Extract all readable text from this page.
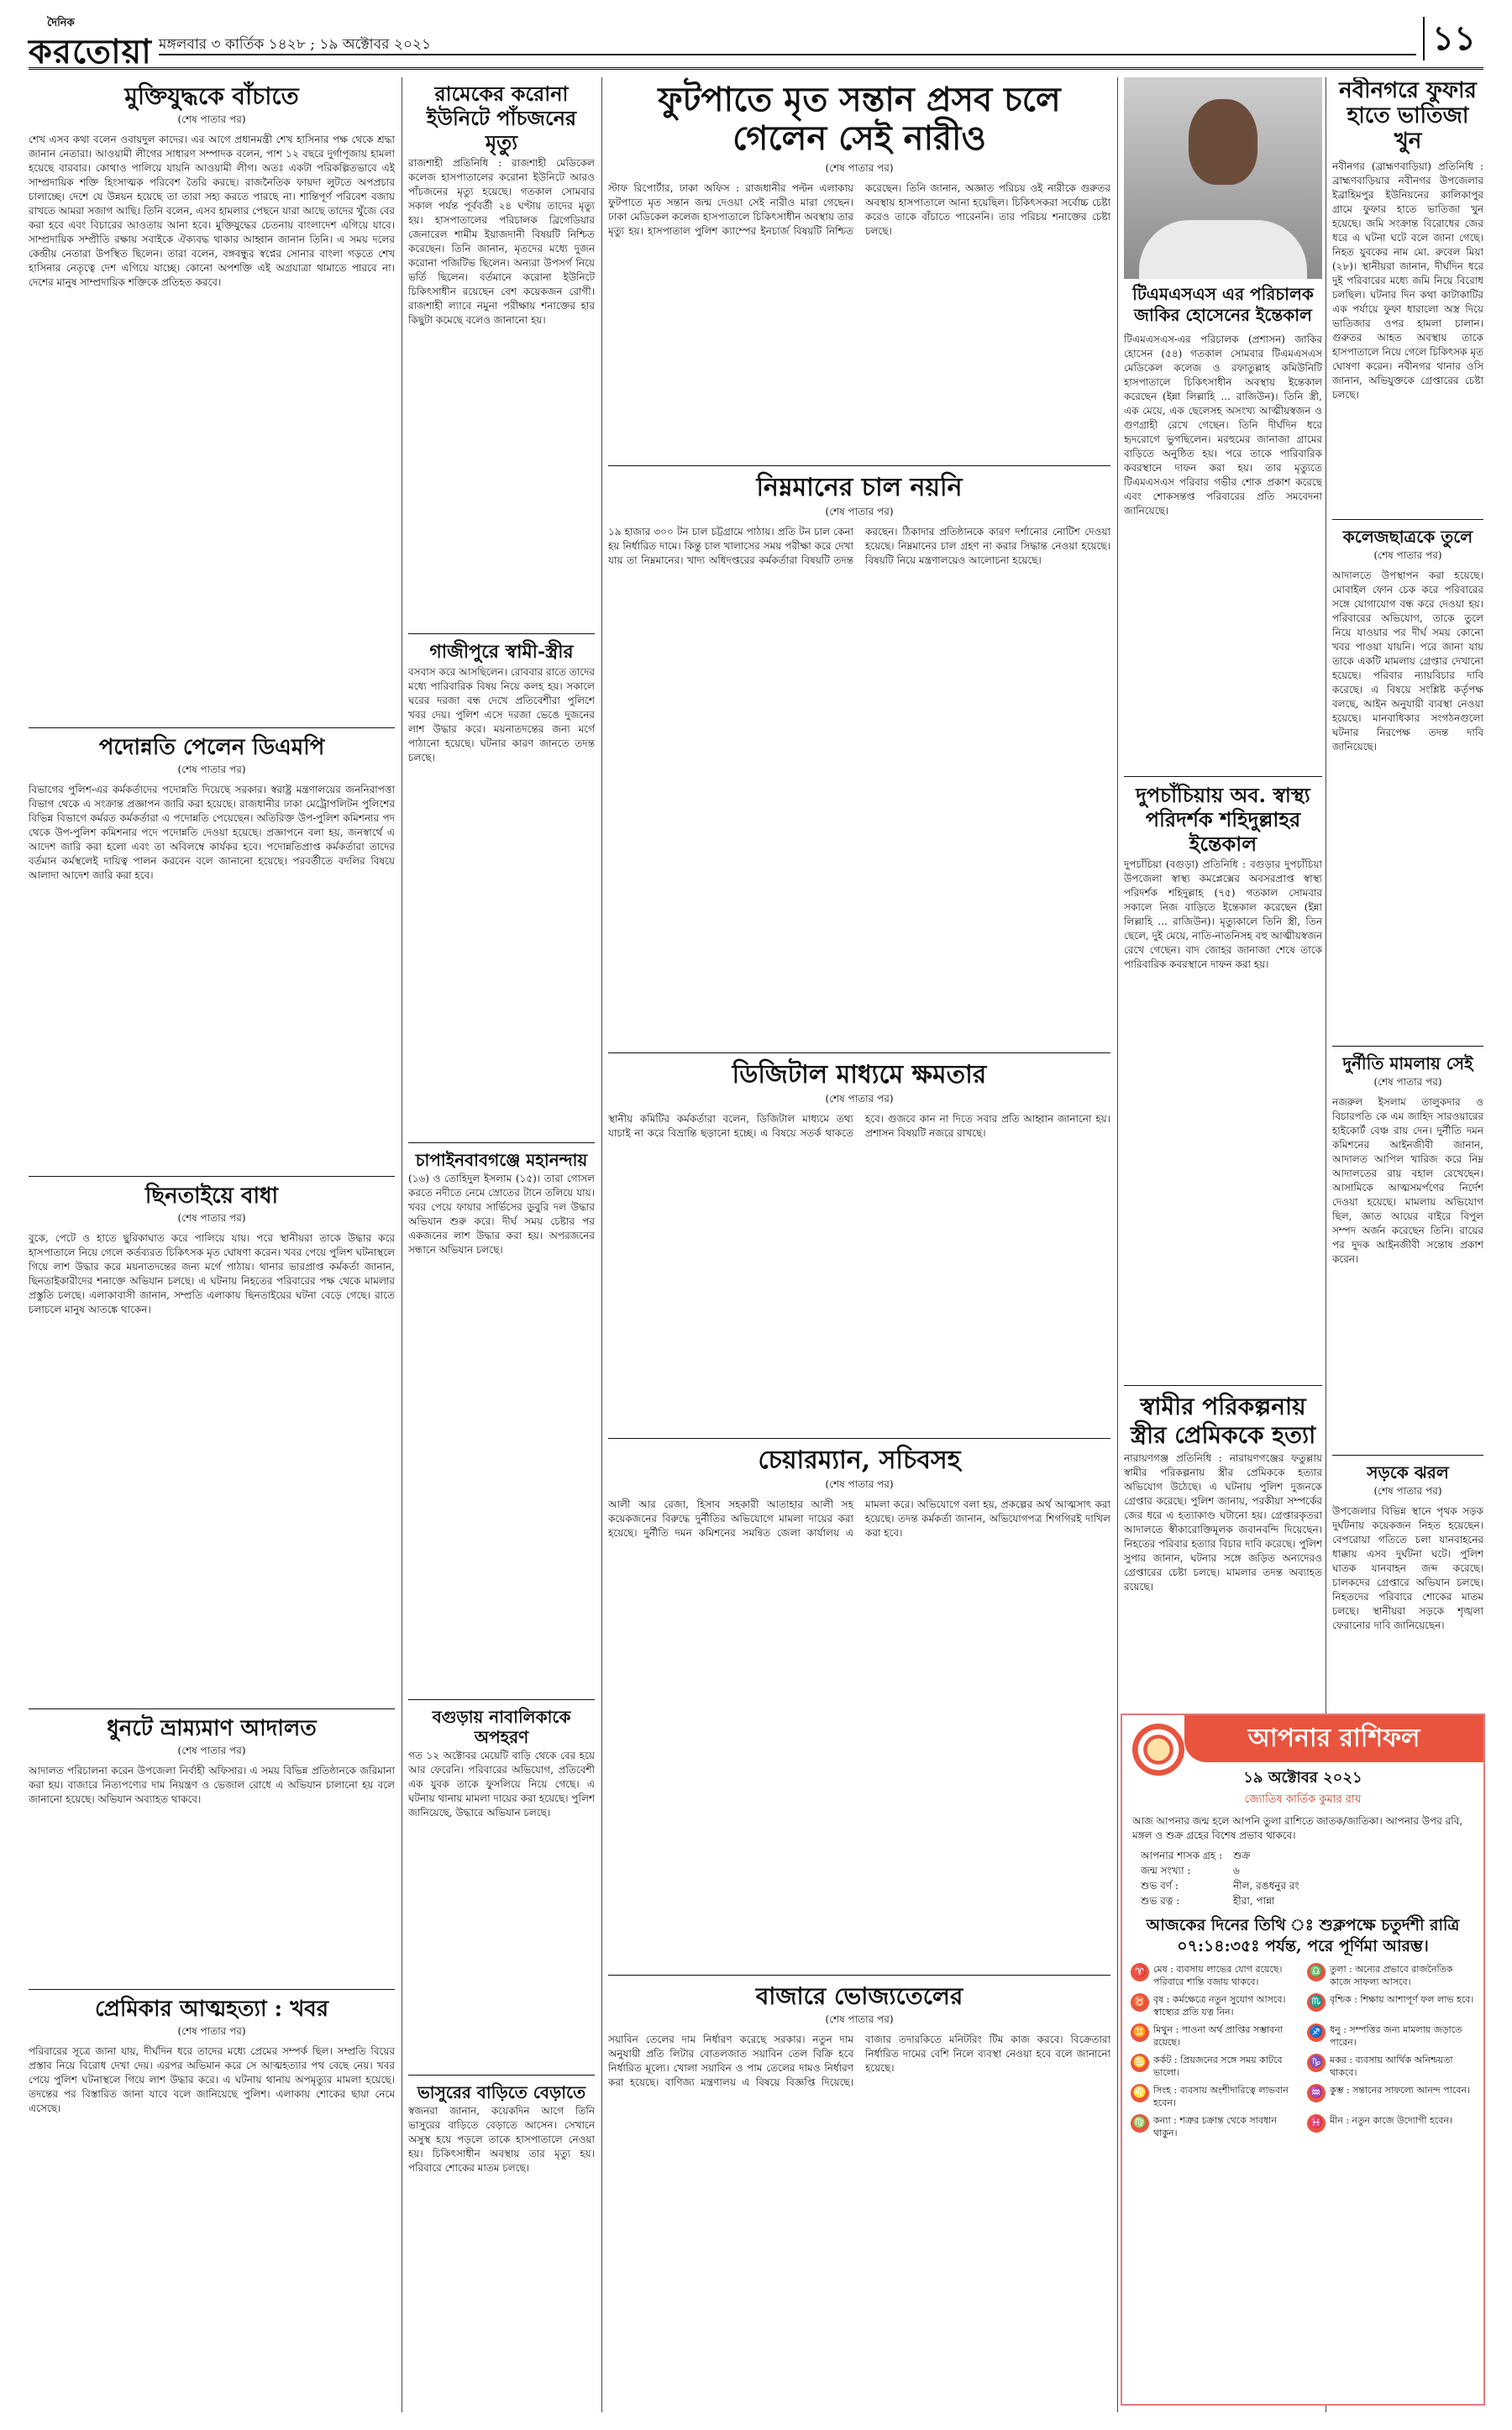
দৈনিক
করতোয়া মঙ্গলবার ৩ কার্তিক ১৪২৮ ; ১৯ অক্টোবর ২০২১	১১
মুক্তিযুদ্ধকে বাঁচাতে
(শেষ পাতার পর)

শেখ এসব কথা বলেন ওবায়দুল কাদের। এর আগে প্রধানমন্ত্রী শেখ হাসিনার পক্ষ থেকে শ্রদ্ধা জানান নেতারা। আওয়ামী লীগের সাধারণ সম্পাদক বলেন, পাশ ১২ বছরে দুর্গাপূজায় হামলা হয়েছে বারবার। কোথাও পালিয়ে যায়নি আওয়ামী লীগ। অতঃ একটা পরিকল্পিতভাবে এই সাম্প্রদায়িক শক্তি হিংসাত্মক পরিবেশ তৈরি করছে। রাজনৈতিক ফায়দা লুটতে অপপ্রচার চালাচ্ছে। দেশে যে উন্নয়ন হয়েছে তা তারা সহ্য করতে পারছে না। শান্তিপূর্ণ পরিবেশ বজায় রাখতে আমরা সজাগ আছি। তিনি বলেন, এসব হামলার পেছনে যারা আছে তাদের খুঁজে বের করা হবে এবং বিচারের আওতায় আনা হবে। মুক্তিযুদ্ধের চেতনায় বাংলাদেশ এগিয়ে যাবে। সাম্প্রদায়িক সম্প্রীতি রক্ষায় সবাইকে ঐক্যবদ্ধ থাকার আহ্বান জানান তিনি। এ সময় দলের কেন্দ্রীয় নেতারা উপস্থিত ছিলেন। তারা বলেন, বঙ্গবন্ধুর স্বপ্নের সোনার বাংলা গড়তে শেখ হাসিনার নেতৃত্বে দেশ এগিয়ে যাচ্ছে। কোনো অপশক্তি এই অগ্রযাত্রা থামাতে পারবে না। দেশের মানুষ সাম্প্রদায়িক শক্তিকে প্রতিহত করবে।

পদোন্নতি পেলেন ডিএমপি
(শেষ পাতার পর)

বিভাগের পুলিশ-এর কর্মকর্তাদের পদোন্নতি দিয়েছে সরকার। স্বরাষ্ট্র মন্ত্রণালয়ের জননিরাপত্তা বিভাগ থেকে এ সংক্রান্ত প্রজ্ঞাপন জারি করা হয়েছে। রাজধানীর ঢাকা মেট্রোপলিটন পুলিশের বিভিন্ন বিভাগে কর্মরত কর্মকর্তারা এ পদোন্নতি পেয়েছেন। অতিরিক্ত উপ-পুলিশ কমিশনার পদ থেকে উপ-পুলিশ কমিশনার পদে পদোন্নতি দেওয়া হয়েছে। প্রজ্ঞাপনে বলা হয়, জনস্বার্থে এ আদেশ জারি করা হলো এবং তা অবিলম্বে কার্যকর হবে। পদোন্নতিপ্রাপ্ত কর্মকর্তারা তাদের বর্তমান কর্মস্থলেই দায়িত্ব পালন করবেন বলে জানানো হয়েছে। পরবর্তীতে বদলির বিষয়ে আলাদা আদেশ জারি করা হবে।

ছিনতাইয়ে বাধা
(শেষ পাতার পর)

বুকে, পেটে ও হাতে ছুরিকাঘাত করে পালিয়ে যায়। পরে স্থানীয়রা তাকে উদ্ধার করে হাসপাতালে নিয়ে গেলে কর্তব্যরত চিকিৎসক মৃত ঘোষণা করেন। খবর পেয়ে পুলিশ ঘটনাস্থলে গিয়ে লাশ উদ্ধার করে ময়নাতদন্তের জন্য মর্গে পাঠায়। থানার ভারপ্রাপ্ত কর্মকর্তা জানান, ছিনতাইকারীদের শনাক্তে অভিযান চলছে। এ ঘটনায় নিহতের পরিবারের পক্ষ থেকে মামলার প্রস্তুতি চলছে। এলাকাবাসী জানান, সম্প্রতি এলাকায় ছিনতাইয়ের ঘটনা বেড়ে গেছে। রাতে চলাচলে মানুষ আতঙ্কে থাকেন।

ধুনটে ভ্রাম্যমাণ আদালত
(শেষ পাতার পর)

আদালত পরিচালনা করেন উপজেলা নির্বাহী অফিসার। এ সময় বিভিন্ন প্রতিষ্ঠানকে জরিমানা করা হয়। বাজারে নিত্যপণ্যের দাম নিয়ন্ত্রণ ও ভেজাল রোধে এ অভিযান চালানো হয় বলে জানানো হয়েছে। অভিযান অব্যাহত থাকবে।

প্রেমিকার আত্মহত্যা : খবর
(শেষ পাতার পর)

পরিবারের সূত্রে জানা যায়, দীর্ঘদিন ধরে তাদের মধ্যে প্রেমের সম্পর্ক ছিল। সম্প্রতি বিয়ের প্রস্তাব নিয়ে বিরোধ দেখা দেয়। এরপর অভিমান করে সে আত্মহত্যার পথ বেছে নেয়। খবর পেয়ে পুলিশ ঘটনাস্থলে গিয়ে লাশ উদ্ধার করে। এ ঘটনায় থানায় অপমৃত্যুর মামলা হয়েছে। তদন্তের পর বিস্তারিত জানা যাবে বলে জানিয়েছে পুলিশ। এলাকায় শোকের ছায়া নেমে এসেছে।

রামেকের করোনা ইউনিটে পাঁচজনের মৃত্যু

রাজশাহী প্রতিনিধি : রাজশাহী মেডিকেল কলেজ হাসপাতালের করোনা ইউনিটে আরও পাঁচজনের মৃত্যু হয়েছে। গতকাল সোমবার সকাল পর্যন্ত পূর্ববর্তী ২৪ ঘণ্টায় তাদের মৃত্যু হয়। হাসপাতালের পরিচালক ব্রিগেডিয়ার জেনারেল শামীম ইয়াজদানী বিষয়টি নিশ্চিত করেছেন। তিনি জানান, মৃতদের মধ্যে দুজন করোনা পজিটিভ ছিলেন। অন্যরা উপসর্গ নিয়ে ভর্তি ছিলেন। বর্তমানে করোনা ইউনিটে চিকিৎসাধীন রয়েছেন বেশ কয়েকজন রোগী। রাজশাহী ল্যাবে নমুনা পরীক্ষায় শনাক্তের হার কিছুটা কমেছে বলেও জানানো হয়।

গাজীপুরে স্বামী-স্ত্রীর

বসবাস করে আসছিলেন। রোববার রাতে তাদের মধ্যে পারিবারিক বিষয় নিয়ে কলহ হয়। সকালে ঘরের দরজা বন্ধ দেখে প্রতিবেশীরা পুলিশে খবর দেয়। পুলিশ এসে দরজা ভেঙে দুজনের লাশ উদ্ধার করে। ময়নাতদন্তের জন্য মর্গে পাঠানো হয়েছে। ঘটনার কারণ জানতে তদন্ত চলছে।

চাপাইনবাবগঞ্জে মহানন্দায়

(১৬) ও তোহিদুল ইসলাম (১৫)। তারা গোসল করতে নদীতে নেমে স্রোতের টানে তলিয়ে যায়। খবর পেয়ে ফায়ার সার্ভিসের ডুবুরি দল উদ্ধার অভিযান শুরু করে। দীর্ঘ সময় চেষ্টার পর একজনের লাশ উদ্ধার করা হয়। অপরজনের সন্ধানে অভিযান চলছে।

বগুড়ায় নাবালিকাকে অপহরণ

গত ১২ অক্টোবর মেয়েটি বাড়ি থেকে বের হয়ে আর ফেরেনি। পরিবারের অভিযোগ, প্রতিবেশী এক যুবক তাকে ফুসলিয়ে নিয়ে গেছে। এ ঘটনায় থানায় মামলা দায়ের করা হয়েছে। পুলিশ জানিয়েছে, উদ্ধারে অভিযান চলছে।

ভাসুরের বাড়িতে বেড়াতে

স্বজনরা জানান, কয়েকদিন আগে তিনি ভাসুরের বাড়িতে বেড়াতে আসেন। সেখানে অসুস্থ হয়ে পড়লে তাকে হাসপাতালে নেওয়া হয়। চিকিৎসাধীন অবস্থায় তার মৃত্যু হয়। পরিবারে শোকের মাতম চলছে।

ফুটপাতে মৃত সন্তান প্রসব চলে গেলেন সেই নারীও
(শেষ পাতার পর)

স্টাফ রিপোর্টার, ঢাকা অফিস : রাজধানীর পল্টন এলাকায় ফুটপাতে মৃত সন্তান জন্ম দেওয়া সেই নারীও মারা গেছেন। ঢাকা মেডিকেল কলেজ হাসপাতালে চিকিৎসাধীন অবস্থায় তার মৃত্যু হয়। হাসপাতাল পুলিশ ক্যাম্পের ইনচার্জ বিষয়টি নিশ্চিত করেছেন। তিনি জানান, অজ্ঞাত পরিচয় ওই নারীকে গুরুতর অবস্থায় হাসপাতালে আনা হয়েছিল। চিকিৎসকরা সর্বোচ্চ চেষ্টা করেও তাকে বাঁচাতে পারেননি। তার পরিচয় শনাক্তের চেষ্টা চলছে।

নিম্নমানের চাল নয়নি
(শেষ পাতার পর)

১৯ হাজার ৩০০ টন চাল চট্টগ্রামে পাঠায়। প্রতি টন চাল কেনা হয় নির্ধারিত দামে। কিন্তু চাল খালাসের সময় পরীক্ষা করে দেখা যায় তা নিম্নমানের। খাদ্য অধিদপ্তরের কর্মকর্তারা বিষয়টি তদন্ত করছেন। ঠিকাদার প্রতিষ্ঠানকে কারণ দর্শানোর নোটিশ দেওয়া হয়েছে। নিম্নমানের চাল গ্রহণ না করার সিদ্ধান্ত নেওয়া হয়েছে। বিষয়টি নিয়ে মন্ত্রণালয়েও আলোচনা হয়েছে।

ডিজিটাল মাধ্যমে ক্ষমতার
(শেষ পাতার পর)

স্থানীয় কমিটির কর্মকর্তারা বলেন, ডিজিটাল মাধ্যমে তথ্য যাচাই না করে বিভ্রান্তি ছড়ানো হচ্ছে। এ বিষয়ে সতর্ক থাকতে হবে। গুজবে কান না দিতে সবার প্রতি আহ্বান জানানো হয়। প্রশাসন বিষয়টি নজরে রাখছে।

চেয়ারম্যান, সচিবসহ
(শেষ পাতার পর)

আলী আর রেজা, হিসাব সহকারী আতাহার আলী সহ কয়েকজনের বিরুদ্ধে দুর্নীতির অভিযোগে মামলা দায়ের করা হয়েছে। দুর্নীতি দমন কমিশনের সমন্বিত জেলা কার্যালয় এ মামলা করে। অভিযোগে বলা হয়, প্রকল্পের অর্থ আত্মসাৎ করা হয়েছে। তদন্ত কর্মকর্তা জানান, অভিযোগপত্র শিগগিরই দাখিল করা হবে।

বাজারে ভোজ্যতেলের
(শেষ পাতার পর)

সয়াবিন তেলের দাম নির্ধারণ করেছে সরকার। নতুন দাম অনুযায়ী প্রতি লিটার বোতলজাত সয়াবিন তেল বিক্রি হবে নির্ধারিত মূল্যে। খোলা সয়াবিন ও পাম তেলের দামও নির্ধারণ করা হয়েছে। বাণিজ্য মন্ত্রণালয় এ বিষয়ে বিজ্ঞপ্তি দিয়েছে। বাজার তদারকিতে মনিটরিং টিম কাজ করবে। বিক্রেতারা নির্ধারিত দামের বেশি নিলে ব্যবস্থা নেওয়া হবে বলে জানানো হয়েছে।

টিএমএসএস এর পরিচালক জাকির হোসেনের ইন্তেকাল

টিএমএসএস-এর পরিচালক (প্রশাসন) জাকির হোসেন (৫৪) গতকাল সোমবার টিএমএসএস মেডিকেল কলেজ ও রফাতুল্লাহ কমিউনিটি হাসপাতালে চিকিৎসাধীন অবস্থায় ইন্তেকাল করেছেন (ইন্না লিল্লাহি ... রাজিউন)। তিনি স্ত্রী, এক মেয়ে, এক ছেলেসহ অসংখ্য আত্মীয়স্বজন ও গুণগ্রাহী রেখে গেছেন। তিনি দীর্ঘদিন ধরে হৃদরোগে ভুগছিলেন। মরহুমের জানাজা গ্রামের বাড়িতে অনুষ্ঠিত হয়। পরে তাকে পারিবারিক কবরস্থানে দাফন করা হয়। তার মৃত্যুতে টিএমএসএস পরিবার গভীর শোক প্রকাশ করেছে এবং শোকসন্তপ্ত পরিবারের প্রতি সমবেদনা জানিয়েছে।

দুপচাঁচিয়ায় অব. স্বাস্থ্য পরিদর্শক শহিদুল্লাহর ইন্তেকাল

দুপচাঁচিয়া (বগুড়া) প্রতিনিধি : বগুড়ার দুপচাঁচিয়া উপজেলা স্বাস্থ্য কমপ্লেক্সের অবসরপ্রাপ্ত স্বাস্থ্য পরিদর্শক শহিদুল্লাহ (৭৫) গতকাল সোমবার সকালে নিজ বাড়িতে ইন্তেকাল করেছেন (ইন্না লিল্লাহি ... রাজিউন)। মৃত্যুকালে তিনি স্ত্রী, তিন ছেলে, দুই মেয়ে, নাতি-নাতনিসহ বহু আত্মীয়স্বজন রেখে গেছেন। বাদ জোহর জানাজা শেষে তাকে পারিবারিক কবরস্থানে দাফন করা হয়।

স্বামীর পরিকল্পনায় স্ত্রীর প্রেমিককে হত্যা

নারায়ণগঞ্জ প্রতিনিধি : নারায়ণগঞ্জের ফতুল্লায় স্বামীর পরিকল্পনায় স্ত্রীর প্রেমিককে হত্যার অভিযোগ উঠেছে। এ ঘটনায় পুলিশ দুজনকে গ্রেপ্তার করেছে। পুলিশ জানায়, পরকীয়া সম্পর্কের জের ধরে এ হত্যাকাণ্ড ঘটানো হয়। গ্রেপ্তারকৃতরা আদালতে স্বীকারোক্তিমূলক জবানবন্দি দিয়েছেন। নিহতের পরিবার হত্যার বিচার দাবি করেছে। পুলিশ সুপার জানান, ঘটনার সঙ্গে জড়িত অন্যদেরও গ্রেপ্তারের চেষ্টা চলছে। মামলার তদন্ত অব্যাহত রয়েছে।

নবীনগরে ফুফার হাতে ভাতিজা খুন

নবীনগর (ব্রাহ্মণবাড়িয়া) প্রতিনিধি : ব্রাহ্মণবাড়িয়ার নবীনগর উপজেলার ইব্রাহিমপুর ইউনিয়নের কালিকাপুর গ্রামে ফুফার হাতে ভাতিজা খুন হয়েছে। জমি সংক্রান্ত বিরোধের জের ধরে এ ঘটনা ঘটে বলে জানা গেছে। নিহত যুবকের নাম মো. রুবেল মিয়া (২৮)। স্থানীয়রা জানান, দীর্ঘদিন ধরে দুই পরিবারের মধ্যে জমি নিয়ে বিরোধ চলছিল। ঘটনার দিন কথা কাটাকাটির এক পর্যায়ে ফুফা ধারালো অস্ত্র দিয়ে ভাতিজার ওপর হামলা চালান। গুরুতর আহত অবস্থায় তাকে হাসপাতালে নিয়ে গেলে চিকিৎসক মৃত ঘোষণা করেন। নবীনগর থানার ওসি জানান, অভিযুক্তকে গ্রেপ্তারের চেষ্টা চলছে।

কলেজছাত্রকে তুলে
(শেষ পাতার পর)

আদালতে উপস্থাপন করা হয়েছে। মোবাইল ফোন চেক করে পরিবারের সঙ্গে যোগাযোগ বন্ধ করে দেওয়া হয়। পরিবারের অভিযোগ, তাকে তুলে নিয়ে যাওয়ার পর দীর্ঘ সময় কোনো খবর পাওয়া যায়নি। পরে জানা যায় তাকে একটি মামলায় গ্রেপ্তার দেখানো হয়েছে। পরিবার ন্যায়বিচার দাবি করেছে। এ বিষয়ে সংশ্লিষ্ট কর্তৃপক্ষ বলছে, আইন অনুযায়ী ব্যবস্থা নেওয়া হয়েছে। মানবাধিকার সংগঠনগুলো ঘটনার নিরপেক্ষ তদন্ত দাবি জানিয়েছে।

দুর্নীতি মামলায় সেই
(শেষ পাতার পর)

নজরুল ইসলাম তালুকদার ও বিচারপতি কে এম জাহিদ সারওয়ারের হাইকোর্ট বেঞ্চ রায় দেন। দুর্নীতি দমন কমিশনের আইনজীবী জানান, আদালত আপিল খারিজ করে নিম্ন আদালতের রায় বহাল রেখেছেন। আসামিকে আত্মসমর্পণের নির্দেশ দেওয়া হয়েছে। মামলায় অভিযোগ ছিল, জ্ঞাত আয়ের বাইরে বিপুল সম্পদ অর্জন করেছেন তিনি। রায়ের পর দুদক আইনজীবী সন্তোষ প্রকাশ করেন।

সড়কে ঝরল
(শেষ পাতার পর)

উপজেলার বিভিন্ন স্থানে পৃথক সড়ক দুর্ঘটনায় কয়েকজন নিহত হয়েছেন। বেপরোয়া গতিতে চলা যানবাহনের ধাক্কায় এসব দুর্ঘটনা ঘটে। পুলিশ ঘাতক যানবাহন জব্দ করেছে। চালকদের গ্রেপ্তারে অভিযান চলছে। নিহতদের পরিবারে শোকের মাতম চলছে। স্থানীয়রা সড়কে শৃঙ্খলা ফেরানোর দাবি জানিয়েছেন।

আপনার রাশিফল
১৯ অক্টোবর ২০২১
জ্যোতিষ কার্তিক কুমার রায়
আজ আপনার জন্ম হলে আপনি তুলা রাশিতে জাতক/জাতিকা। আপনার উপর রবি, মঙ্গল ও শুক্র গ্রহের বিশেষ প্রভাব থাকবে।
আপনার শাসক গ্রহ :	শুক্র
জন্ম সংখ্যা :	৬
শুভ বর্ণ :	নীল, রঙধনুর রং
শুভ রত্ন :	হীরা, পান্না
আজকের দিনের তিথি ঃ শুক্লপক্ষে চতুর্দশী রাত্রি ০৭:১৪:৩৫ঃ পর্যন্ত, পরে পূর্ণিমা আরম্ভ।
♈ মেষ : ব্যবসায় লাভের যোগ রয়েছে। পরিবারে শান্তি বজায় থাকবে।
♎ তুলা : অন্যের প্রভাবে রাজনৈতিক কাজে সাফল্য আসবে।
♉ বৃষ : কর্মক্ষেত্রে নতুন সুযোগ আসবে। স্বাস্থ্যের প্রতি যত্ন নিন।
♏ বৃশ্চিক : শিক্ষায় আশাপূর্ণ ফল লাভ হবে।
♊ মিথুন : পাওনা অর্থ প্রাপ্তির সম্ভাবনা রয়েছে।
♐ ধনু : সম্পত্তির জন্য মামলায় জড়াতে পারেন।
♋ কর্কট : প্রিয়জনের সঙ্গে সময় কাটবে ভালো।
♑ মকর : ব্যবসায় আর্থিক অনিশ্চয়তা থাকবে।
♌ সিংহ : ব্যবসায় অংশীদারিত্বে লাভবান হবেন।
♒ কুম্ভ : সন্তানের সাফল্যে আনন্দ পাবেন।
♍ কন্যা : শত্রুর চক্রান্ত থেকে সাবধান থাকুন।
♓ মীন : নতুন কাজে উদ্যোগী হবেন।
